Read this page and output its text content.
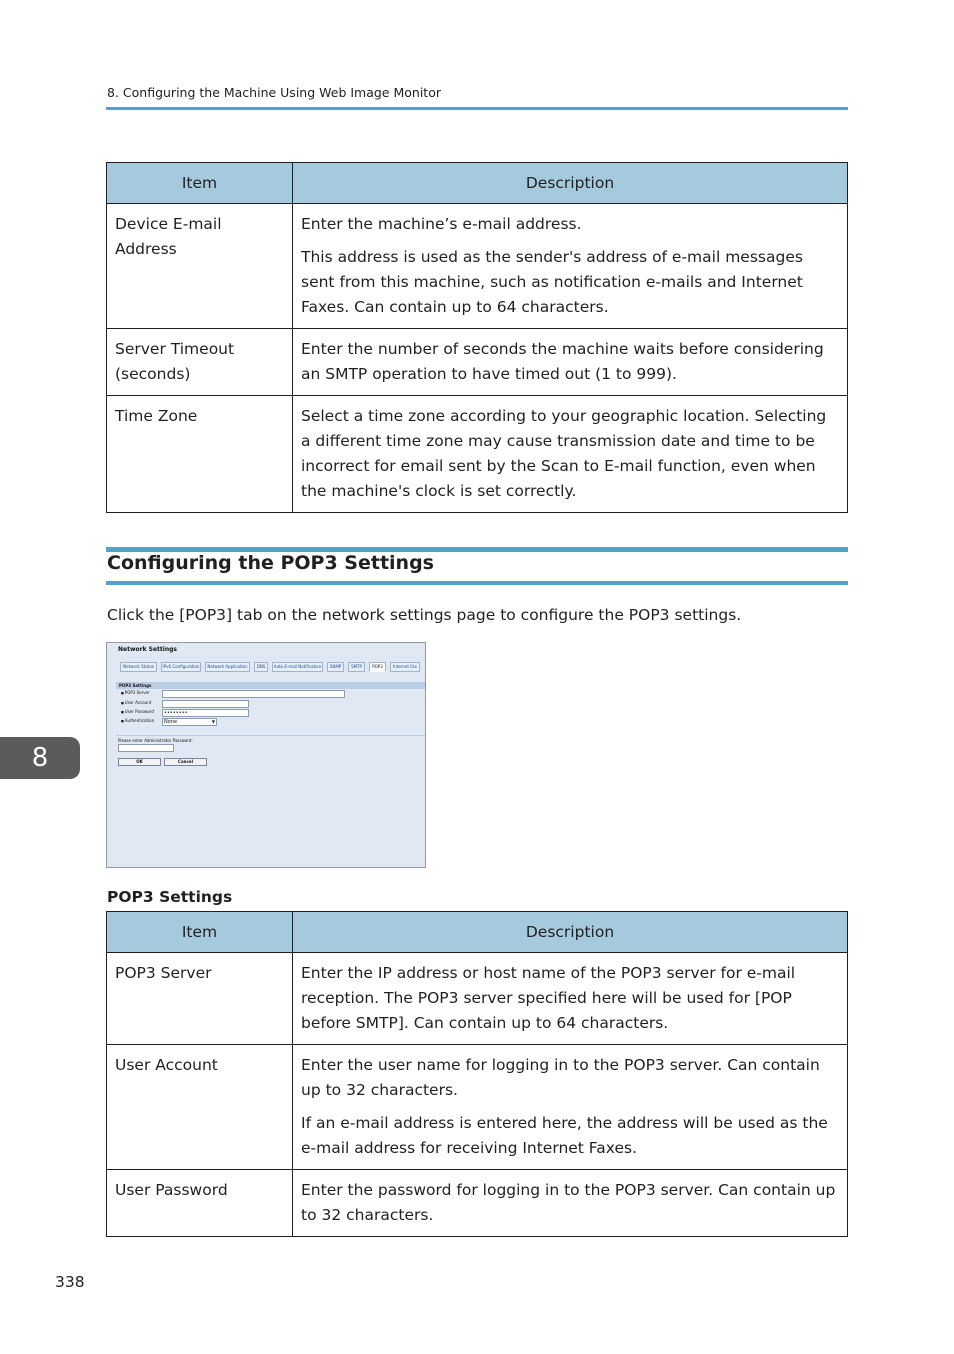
8. Configuring the Machine Using Web Image Monitor
Item	Description
Device E-mail Address	Enter the machine’s e-mail address.

This address is used as the sender's address of e-mail messages sent from this machine, such as notification e-mails and Internet Faxes. Can contain up to 64 characters.

Server Timeout (seconds)	Enter the number of seconds the machine waits before considering an SMTP operation to have timed out (1 to 999).

Time Zone	Select a time zone according to your geographic location. Selecting a different time zone may cause transmission date and time to be incorrect for email sent by the Scan to E-mail function, even when the machine's clock is set correctly.

Configuring the POP3 Settings
Click the [POP3] tab on the network settings page to configure the POP3 settings.
Network Settings
Network Status	IPv6 Configuration	Network Application	DNS	Auto E-mail Notification	SNMP	SMTP	POP3	Internet Fax
POP3 Settings
■ POP3 Server
■ User Account
■ User Password	••••••••
■ Authentication	None	▼
Please enter Administrator Password:
OK	Cancel
8
POP3 Settings
Item	Description
POP3 Server	Enter the IP address or host name of the POP3 server for e-mail reception. The POP3 server specified here will be used for [POP before SMTP]. Can contain up to 64 characters.

User Account	Enter the user name for logging in to the POP3 server. Can contain up to 32 characters.

If an e-mail address is entered here, the address will be used as the e-mail address for receiving Internet Faxes.

User Password	Enter the password for logging in to the POP3 server. Can contain up to 32 characters.

338
